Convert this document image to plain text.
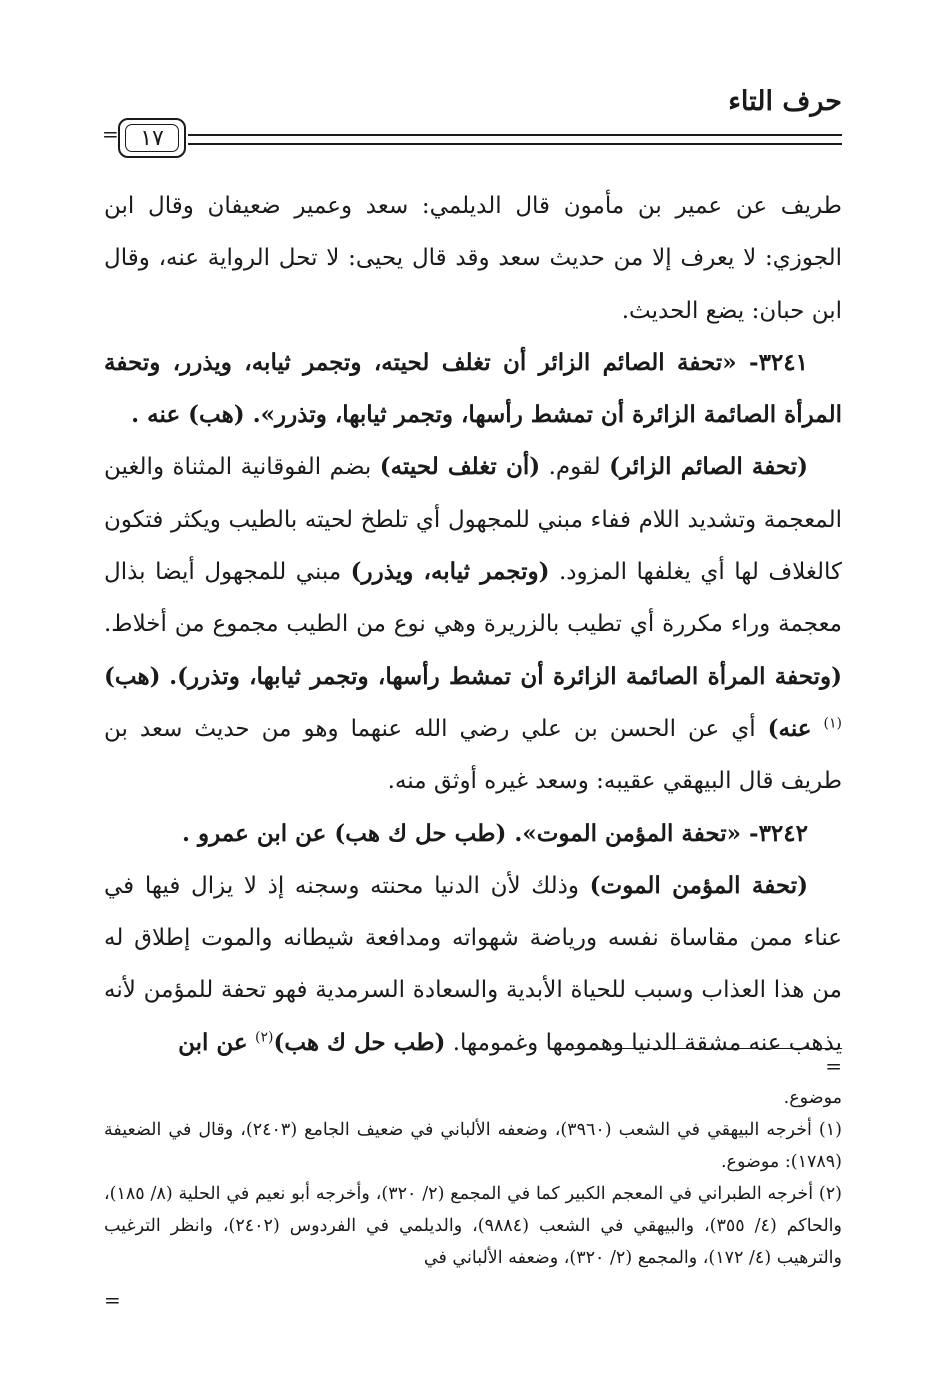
حرف التاء
١٧
=

طريف عن عمير بن مأمون قال الديلمي: سعد وعمير ضعيفان وقال ابن الجوزي: لا يعرف إلا من حديث سعد وقد قال يحيى: لا تحل الرواية عنه، وقال ابن حبان: يضع الحديث.

٣٢٤١- «تحفة الصائم الزائر أن تغلف لحيته، وتجمر ثيابه، ويذرر، وتحفة المرأة الصائمة الزائرة أن تمشط رأسها، وتجمر ثيابها، وتذرر». (هب) عنه .

(تحفة الصائم الزائر) لقوم. (أن تغلف لحيته) بضم الفوقانية المثناة والغين المعجمة وتشديد اللام ففاء مبني للمجهول أي تلطخ لحيته بالطيب ويكثر فتكون كالغلاف لها أي يغلفها المزود. (وتجمر ثيابه، ويذرر) مبني للمجهول أيضا بذال معجمة وراء مكررة أي تطيب بالزريرة وهي نوع من الطيب مجموع من أخلاط. (وتحفة المرأة الصائمة الزائرة أن تمشط رأسها، وتجمر ثيابها، وتذرر). (هب)$^{(١)}$ عنه) أي عن الحسن بن علي رضي الله عنهما وهو من حديث سعد بن طريف قال البيهقي عقيبه: وسعد غيره أوثق منه.

٣٢٤٢- «تحفة المؤمن الموت». (طب حل ك هب) عن ابن عمرو .

(تحفة المؤمن الموت) وذلك لأن الدنيا محنته وسجنه إذ لا يزال فيها في عناء ممن مقاساة نفسه ورياضة شهواته ومدافعة شيطانه والموت إطلاق له من هذا العذاب وسبب للحياة الأبدية والسعادة السرمدية فهو تحفة للمؤمن لأنه يذهب عنه مشقة الدنيا وهمومها وغمومها. (طب حل ك هب)$^{(٢)}$ عن ابن

=

موضوع.

(١) أخرجه البيهقي في الشعب (٣٩٦٠)، وضعفه الألباني في ضعيف الجامع (٢٤٠٣)، وقال في الضعيفة (١٧٨٩): موضوع.

(٢) أخرجه الطبراني في المعجم الكبير كما في المجمع (٢/ ٣٢٠)، وأخرجه أبو نعيم في الحلية (٨/ ١٨٥)، والحاكم (٤/ ٣٥٥)، والبيهقي في الشعب (٩٨٨٤)، والديلمي في الفردوس (٢٤٠٢)، وانظر الترغيب والترهيب (٤/ ١٧٢)، والمجمع (٢/ ٣٢٠)، وضعفه الألباني في

=
